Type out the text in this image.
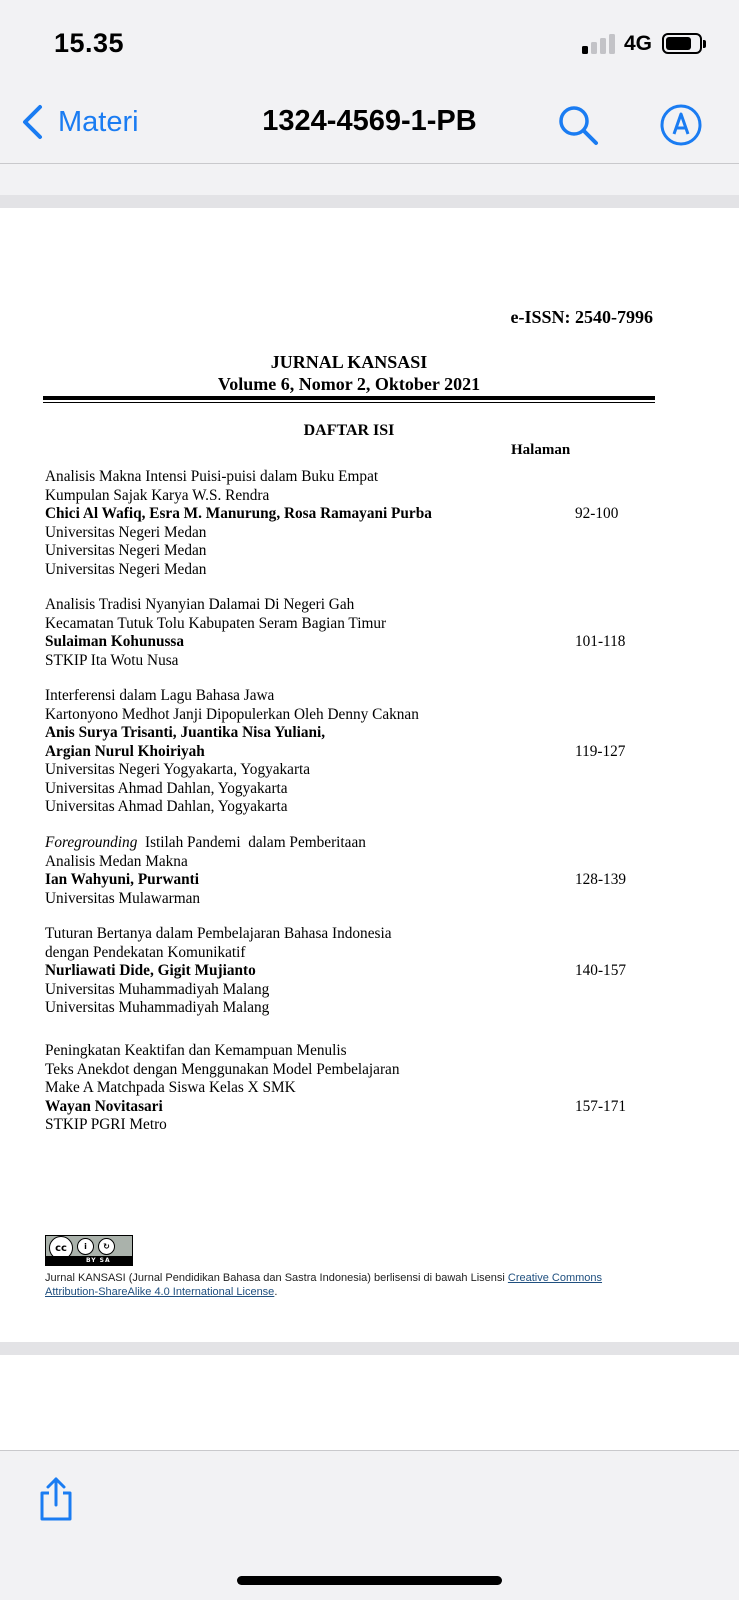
15.35	4G
Materi	1324-4569-1-PB
e-ISSN: 2540-7996
JURNAL KANSASI
Volume 6, Nomor 2, Oktober 2021
DAFTAR ISI
Halaman
Analisis Makna Intensi Puisi-puisi dalam Buku Empat
Kumpulan Sajak Karya W.S. Rendra
Chici Al Wafiq, Esra M. Manurung, Rosa Ramayani Purba
Universitas Negeri Medan
Universitas Negeri Medan
Universitas Negeri Medan
92-100
Analisis Tradisi Nyanyian Dalamai Di Negeri Gah
Kecamatan Tutuk Tolu Kabupaten Seram Bagian Timur
Sulaiman Kohunussa
STKIP Ita Wotu Nusa
101-118
Interferensi dalam Lagu Bahasa Jawa
Kartonyono Medhot Janji Dipopulerkan Oleh Denny Caknan
Anis Surya Trisanti, Juantika Nisa Yuliani,
Argian Nurul Khoiriyah
Universitas Negeri Yogyakarta, Yogyakarta
Universitas Ahmad Dahlan, Yogyakarta
Universitas Ahmad Dahlan, Yogyakarta
119-127
Foregrounding  Istilah Pandemi  dalam Pemberitaan
Analisis Medan Makna
Ian Wahyuni, Purwanti
Universitas Mulawarman
128-139
Tuturan Bertanya dalam Pembelajaran Bahasa Indonesia
dengan Pendekatan Komunikatif
Nurliawati Dide, Gigit Mujianto
Universitas Muhammadiyah Malang
Universitas Muhammadiyah Malang
140-157
Peningkatan Keaktifan dan Kemampuan Menulis
Teks Anekdot dengan Menggunakan Model Pembelajaran
Make A Matchpada Siswa Kelas X SMK
Wayan Novitasari
STKIP PGRI Metro
157-171
cc	i	↻
BY SA
Jurnal KANSASI (Jurnal Pendidikan Bahasa dan Sastra Indonesia) berlisensi di bawah Lisensi Creative Commons Attribution-ShareAlike 4.0 International License.
